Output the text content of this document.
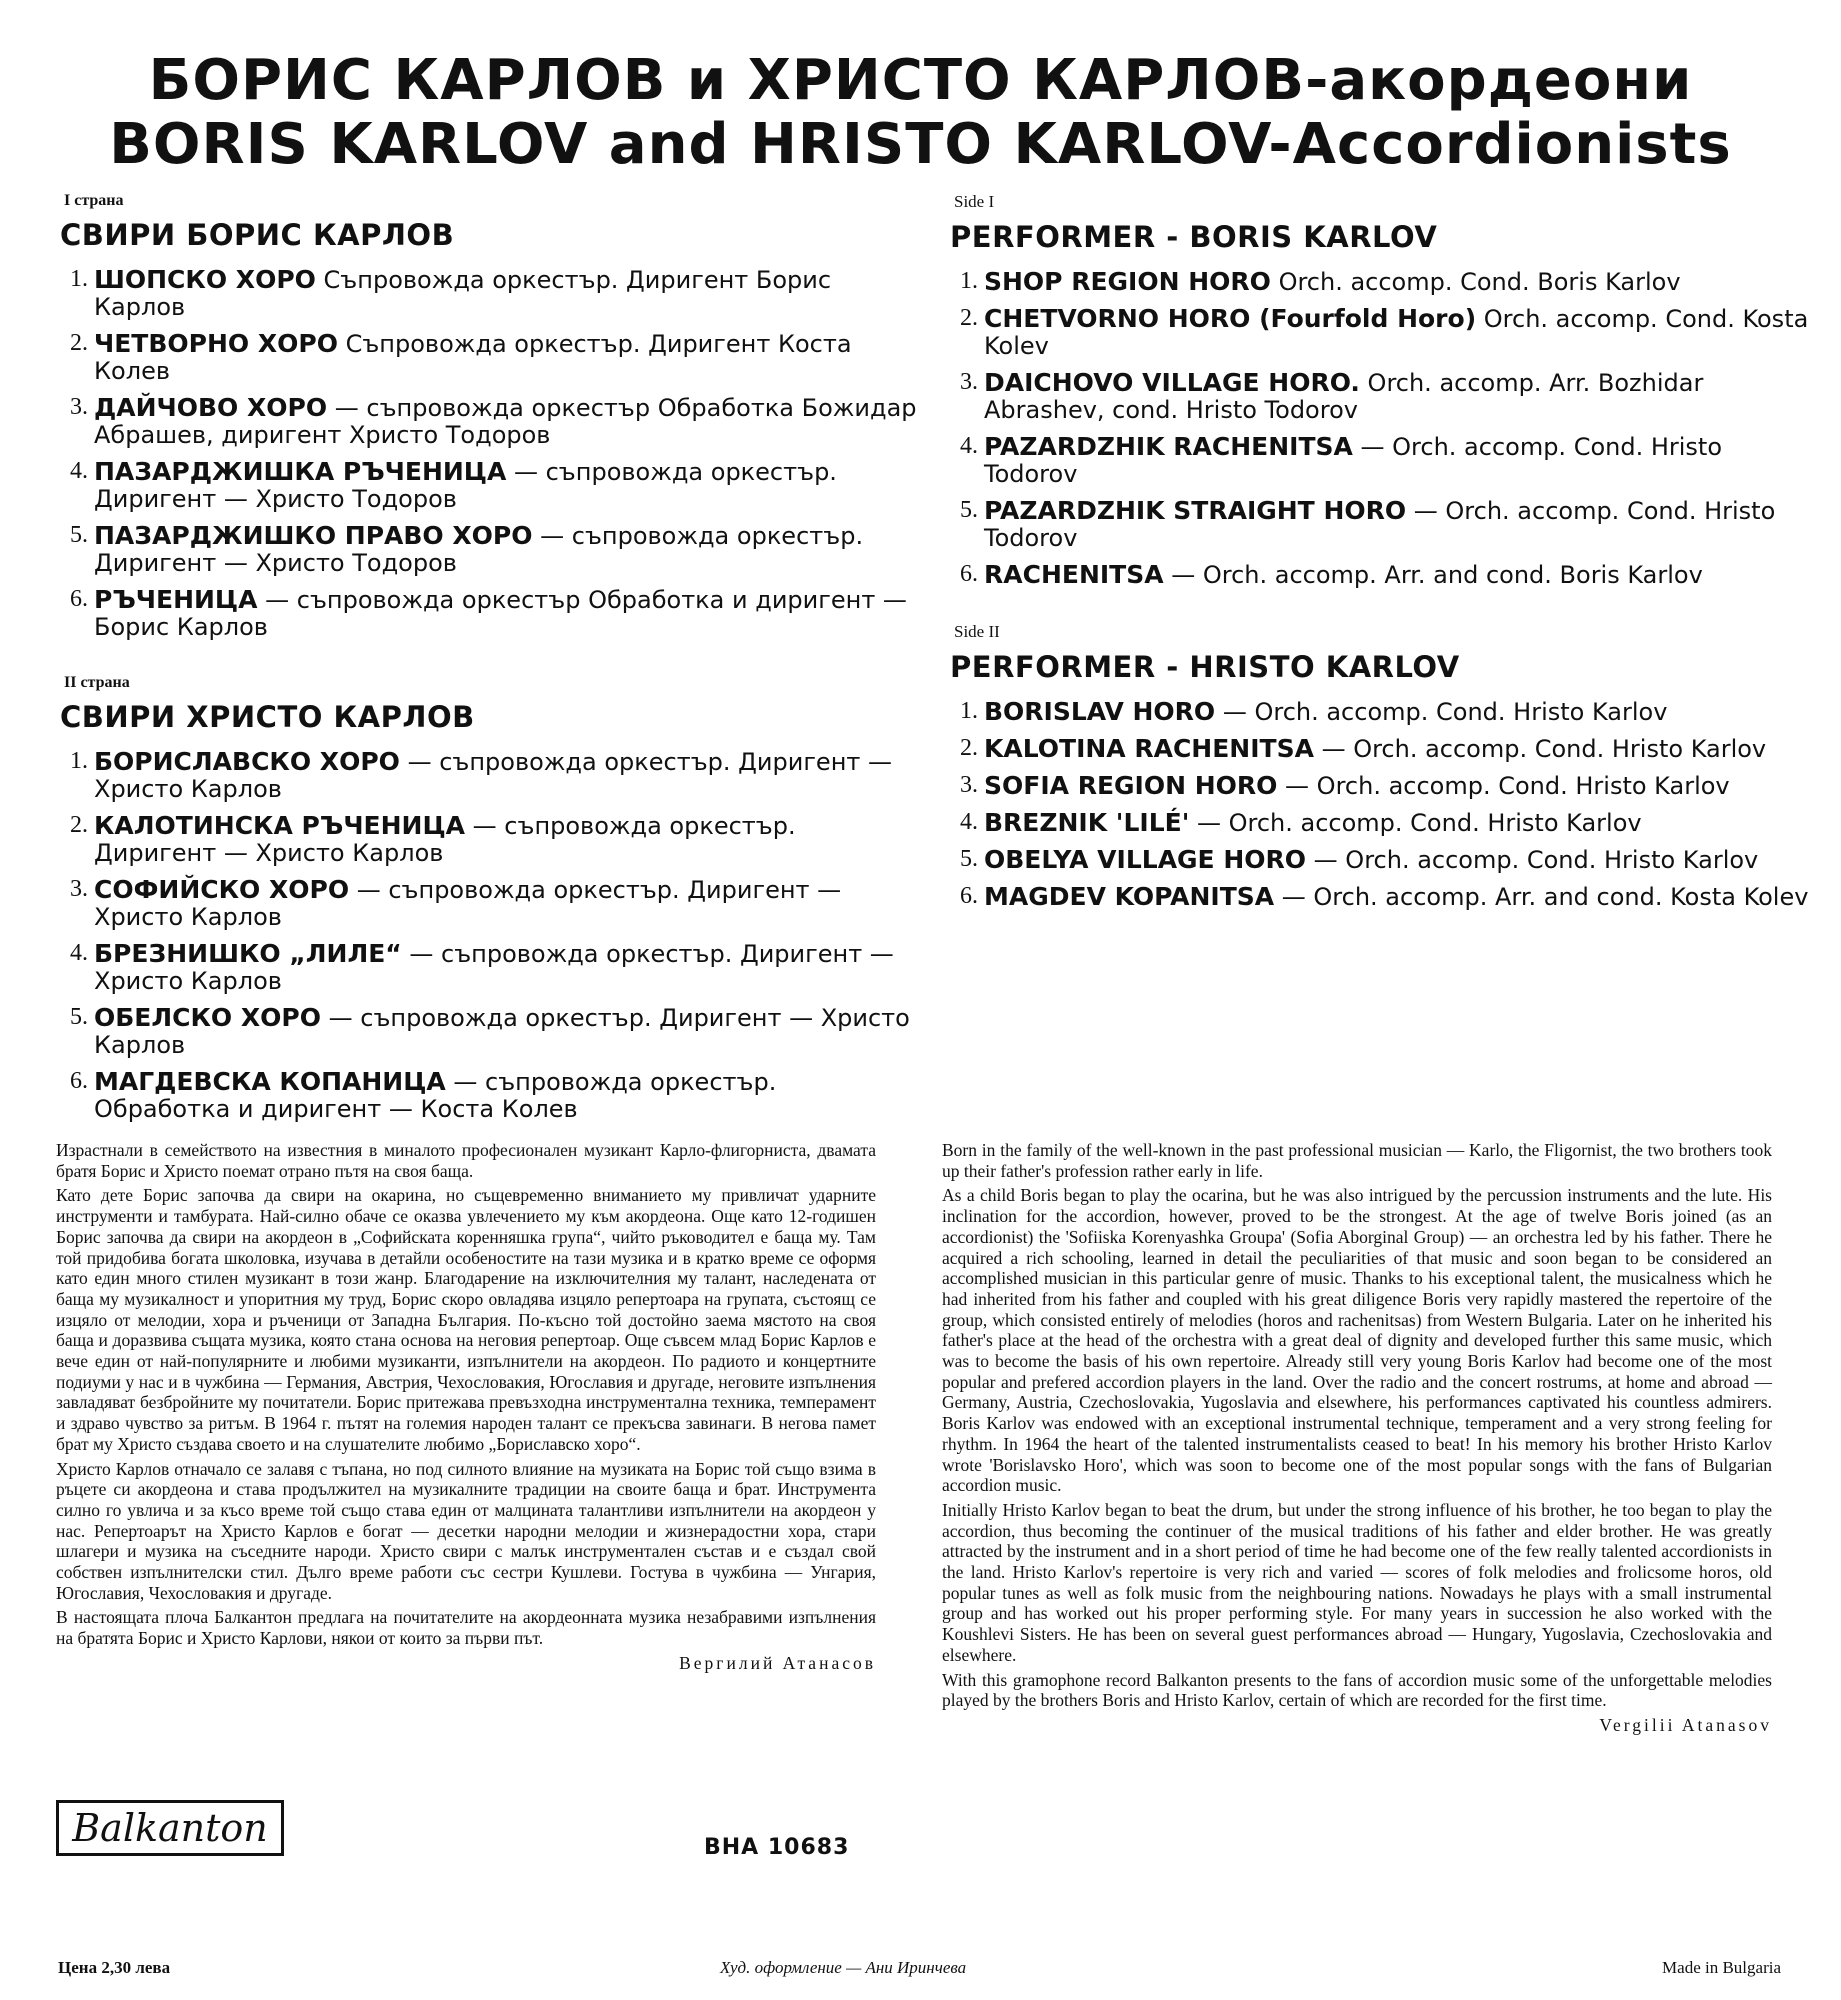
БОРИС КАРЛОВ и ХРИСТО КАРЛОВ-акордеони
BORIS KARLOV and HRISTO KARLOV-Accordionists
I страна
СВИРИ БОРИС КАРЛОВ
1. ШОПСКО ХОРО Съпровожда оркестър. Диригент Борис Карлов
2. ЧЕТВОРНО ХОРО Съпровожда оркестър. Диригент Коста Колев
3. ДАЙЧОВО ХОРО — съпровожда оркестър Обработка Божидар Абрашев, диригент Христо Тодоров
4. ПАЗАРДЖИШКА РЪЧЕНИЦА — съпровожда оркестър. Диригент — Христо Тодоров
5. ПАЗАРДЖИШКО ПРАВО ХОРО — съпровожда оркестър. Диригент — Христо Тодоров
6. РЪЧЕНИЦА — съпровожда оркестър Обработка и диригент — Борис Карлов
II страна
СВИРИ ХРИСТО КАРЛОВ
1. БОРИСЛАВСКО ХОРО — съпровожда оркестър. Диригент — Христо Карлов
2. КАЛОТИНСКА РЪЧЕНИЦА — съпровожда оркестър. Диригент — Христо Карлов
3. СОФИЙСКО ХОРО — съпровожда оркестър. Диригент — Христо Карлов
4. БРЕЗНИШКО „ЛИЛЕ“ — съпровожда оркестър. Диригент — Христо Карлов
5. ОБЕЛСКО ХОРО — съпровожда оркестър. Диригент — Христо Карлов
6. МАГДЕВСКА КОПАНИЦА — съпровожда оркестър. Обработка и диригент — Коста Колев
Side I
PERFORMER - BORIS KARLOV
1. SHOP REGION HORO Orch. accomp. Cond. Boris Karlov
2. CHETVORNO HORO (Fourfold Horo) Orch. accomp. Cond. Kosta Kolev
3. DAICHOVO VILLAGE HORO. Orch. accomp. Arr. Bozhidar Abrashev, cond. Hristo Todorov
4. PAZARDZHIK RACHENITSA — Orch. accomp. Cond. Hristo Todorov
5. PAZARDZHIK STRAIGHT HORO — Orch. accomp. Cond. Hristo Todorov
6. RACHENITSA — Orch. accomp. Arr. and cond. Boris Karlov
Side II
PERFORMER - HRISTO KARLOV
1. BORISLAV HORO — Orch. accomp. Cond. Hristo Karlov
2. KALOTINA RACHENITSA — Orch. accomp. Cond. Hristo Karlov
3. SOFIA REGION HORO — Orch. accomp. Cond. Hristo Karlov
4. BREZNIK 'LILÉ' — Orch. accomp. Cond. Hristo Karlov
5. OBELYA VILLAGE HORO — Orch. accomp. Cond. Hristo Karlov
6. MAGDEV KOPANITSA — Orch. accomp. Arr. and cond. Kosta Kolev

Израстнали в семейството на известния в миналото професионален музикант Карло-флигорниста, двамата братя Борис и Христо поемат отрано пътя на своя баща.

Като дете Борис започва да свири на окарина, но същевременно вниманието му привличат ударните инструменти и тамбурата. Най-силно обаче се оказва увлечението му към акордеона. Още като 12-годишен Борис започва да свири на акордеон в „Софийската коренняшка група“, чийто ръководител е баща му. Там той придобива богата школовка, изучава в детайли особеностите на тази музика и в кратко време се оформя като един много стилен музикант в този жанр. Благодарение на изключителния му талант, наследената от баща му музикалност и упоритния му труд, Борис скоро овладява изцяло репертоара на групата, състоящ се изцяло от мелодии, хора и ръченици от Западна България. По-късно той достойно заема мястото на своя баща и доразвива същата музика, която стана основа на неговия репертоар. Още съвсем млад Борис Карлов е вече един от най-популярните и любими музиканти, изпълнители на акордеон. По радиото и концертните подиуми у нас и в чужбина — Германия, Австрия, Чехословакия, Югославия и другаде, неговите изпълнения завладяват безбройните му почитатели. Борис притежава превъзходна инструментална техника, темперамент и здраво чувство за ритъм. В 1964 г. пътят на големия народен талант се прекъсва завинаги. В негова памет брат му Христо създава своето и на слушателите любимо „Бориславско хоро“.

Христо Карлов отначало се залавя с тъпана, но под силното влияние на музиката на Борис той също взима в ръцете си акордеона и става продължител на музикалните традиции на своите баща и брат. Инструмента силно го увлича и за късо време той също става един от малцината талантливи изпълнители на акордеон у нас. Репертоарът на Христо Карлов е богат — десетки народни мелодии и жизнерадостни хора, стари шлагери и музика на съседните народи. Христо свири с малък инструментален състав и е създал свой собствен изпълнителски стил. Дълго време работи със сестри Кушлеви. Гостува в чужбина — Унгария, Югославия, Чехословакия и другаде.

В настоящата плоча Балкантон предлага на почитателите на акордеонната музика незабравими изпълнения на братята Борис и Христо Карлови, някои от които за първи път.

Вергилий Атанасов

Born in the family of the well-known in the past professional musician — Karlo, the Fligornist, the two brothers took up their father's profession rather early in life.

As a child Boris began to play the ocarina, but he was also intrigued by the percussion instruments and the lute. His inclination for the accordion, however, proved to be the strongest. At the age of twelve Boris joined (as an accordionist) the 'Sofiiska Korenyashka Groupa' (Sofia Aborginal Group) — an orchestra led by his father. There he acquired a rich schooling, learned in detail the peculiarities of that music and soon began to be considered an accomplished musician in this particular genre of music. Thanks to his exceptional talent, the musicalness which he had inherited from his father and coupled with his great diligence Boris very rapidly mastered the repertoire of the group, which consisted entirely of melodies (horos and rachenitsas) from Western Bulgaria. Later on he inherited his father's place at the head of the orchestra with a great deal of dignity and developed further this same music, which was to become the basis of his own repertoire. Already still very young Boris Karlov had become one of the most popular and prefered accordion players in the land. Over the radio and the concert rostrums, at home and abroad — Germany, Austria, Czechoslovakia, Yugoslavia and elsewhere, his performances captivated his countless admirers. Boris Karlov was endowed with an exceptional instrumental technique, temperament and a very strong feeling for rhythm. In 1964 the heart of the talented instrumentalists ceased to beat! In his memory his brother Hristo Karlov wrote 'Borislavsko Horo', which was soon to become one of the most popular songs with the fans of Bulgarian accordion music.

Initially Hristo Karlov began to beat the drum, but under the strong influence of his brother, he too began to play the accordion, thus becoming the continuer of the musical traditions of his father and elder brother. He was greatly attracted by the instrument and in a short period of time he had become one of the few really talented accordionists in the land. Hristo Karlov's repertoire is very rich and varied — scores of folk melodies and frolicsome horos, old popular tunes as well as folk music from the neighbouring nations. Nowadays he plays with a small instrumental group and has worked out his proper performing style. For many years in succession he also worked with the Koushlevi Sisters. He has been on several guest performances abroad — Hungary, Yugoslavia, Czechoslovakia and elsewhere.

With this gramophone record Balkanton presents to the fans of accordion music some of the unforgettable melodies played by the brothers Boris and Hristo Karlov, certain of which are recorded for the first time.

Vergilii Atanasov
Balkanton	ВНА 10683
Цена 2,30 лева	Худ. оформление — Ани Иринчева	Made in Bulgaria
